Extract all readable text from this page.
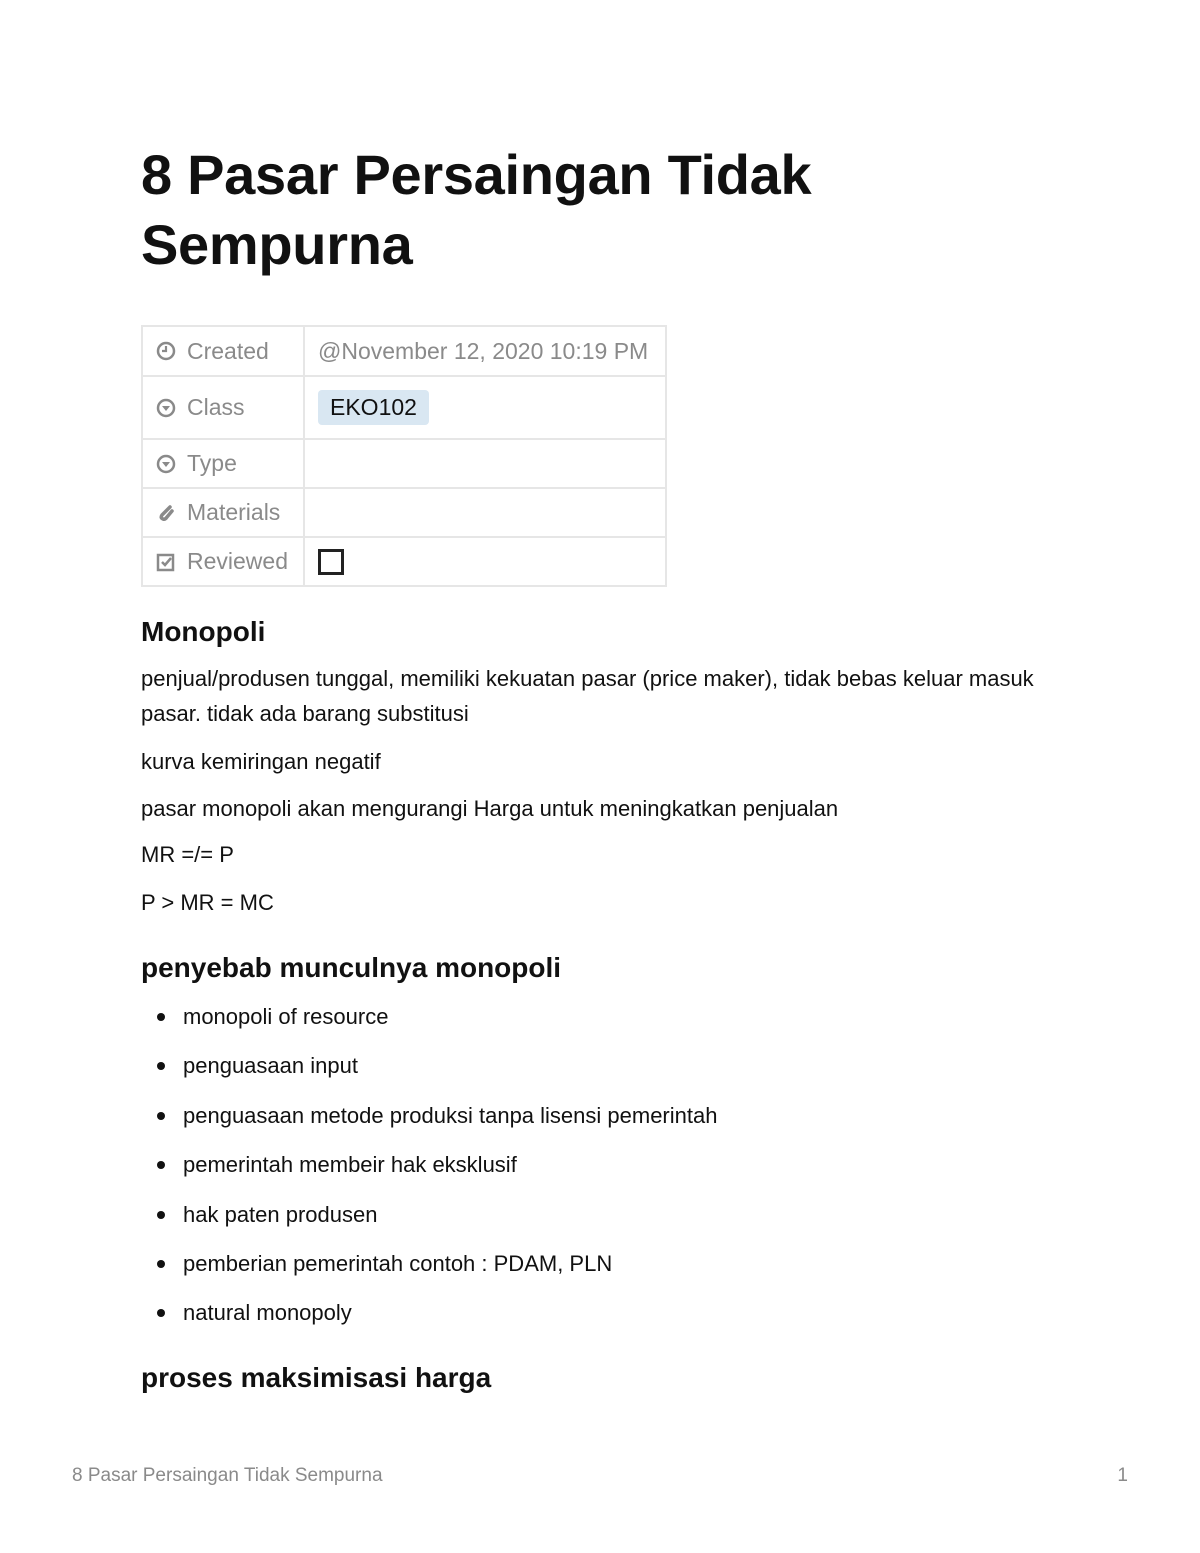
8 Pasar Persaingan Tidak Sempurna
Created	@November 12, 2020 10:19 PM

Class	EKO102

Type	

Materials	

Reviewed	

Monopoli

penjual/produsen tunggal, memiliki kekuatan pasar (price maker), tidak bebas keluar masuk pasar. tidak ada barang substitusi

kurva kemiringan negatif

pasar monopoli akan mengurangi Harga untuk meningkatkan penjualan

MR =/= P

P > MR = MC

penyebab munculnya monopoli
monopoli of resource
penguasaan input
penguasaan metode produksi tanpa lisensi pemerintah
pemerintah membeir hak eksklusif
hak paten produsen
pemberian pemerintah contoh : PDAM, PLN
natural monopoly
proses maksimisasi harga
8 Pasar Persaingan Tidak Sempurna	1
